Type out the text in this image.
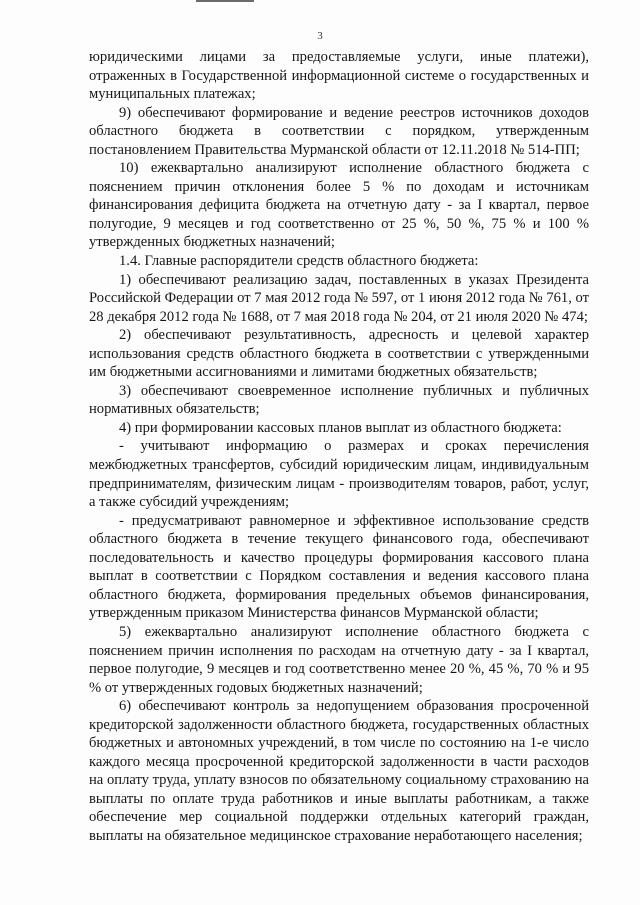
3

юридическими лицами за предоставляемые услуги, иные платежи), отраженных в Государственной информационной системе о государственных и муниципальных платежах;

9) обеспечивают формирование и ведение реестров источников доходов областного бюджета в соответствии с порядком, утвержденным постановлением Правительства Мурманской области от 12.11.2018 № 514-ПП;

10) ежеквартально анализируют исполнение областного бюджета с пояснением причин отклонения более 5 % по доходам и источникам финансирования дефицита бюджета на отчетную дату - за I квартал, первое полугодие, 9 месяцев и год соответственно от 25 %, 50 %, 75 % и 100 % утвержденных бюджетных назначений;

1.4. Главные распорядители средств областного бюджета:

1) обеспечивают реализацию задач, поставленных в указах Президента Российской Федерации от 7 мая 2012 года № 597, от 1 июня 2012 года № 761, от 28 декабря 2012 года № 1688, от 7 мая 2018 года № 204, от 21 июля 2020 № 474;

2) обеспечивают результативность, адресность и целевой характер использования средств областного бюджета в соответствии с утвержденными им бюджетными ассигнованиями и лимитами бюджетных обязательств;

3) обеспечивают своевременное исполнение публичных и публичных нормативных обязательств;

4) при формировании кассовых планов выплат из областного бюджета:

- учитывают информацию о размерах и сроках перечисления межбюджетных трансфертов, субсидий юридическим лицам, индивидуальным предпринимателям, физическим лицам - производителям товаров, работ, услуг, а также субсидий учреждениям;

- предусматривают равномерное и эффективное использование средств областного бюджета в течение текущего финансового года, обеспечивают последовательность и качество процедуры формирования кассового плана выплат в соответствии с Порядком составления и ведения кассового плана областного бюджета, формирования предельных объемов финансирования, утвержденным приказом Министерства финансов Мурманской области;

5) ежеквартально анализируют исполнение областного бюджета с пояснением причин исполнения по расходам на отчетную дату - за I квартал, первое полугодие, 9 месяцев и год соответственно менее 20 %, 45 %, 70 % и 95 % от утвержденных годовых бюджетных назначений;

6) обеспечивают контроль за недопущением образования просроченной кредиторской задолженности областного бюджета, государственных областных бюджетных и автономных учреждений, в том числе по состоянию на 1-е число каждого месяца просроченной кредиторской задолженности в части расходов на оплату труда, уплату взносов по обязательному социальному страхованию на выплаты по оплате труда работников и иные выплаты работникам, а также обеспечение мер социальной поддержки отдельных категорий граждан, выплаты на обязательное медицинское страхование неработающего населения;
